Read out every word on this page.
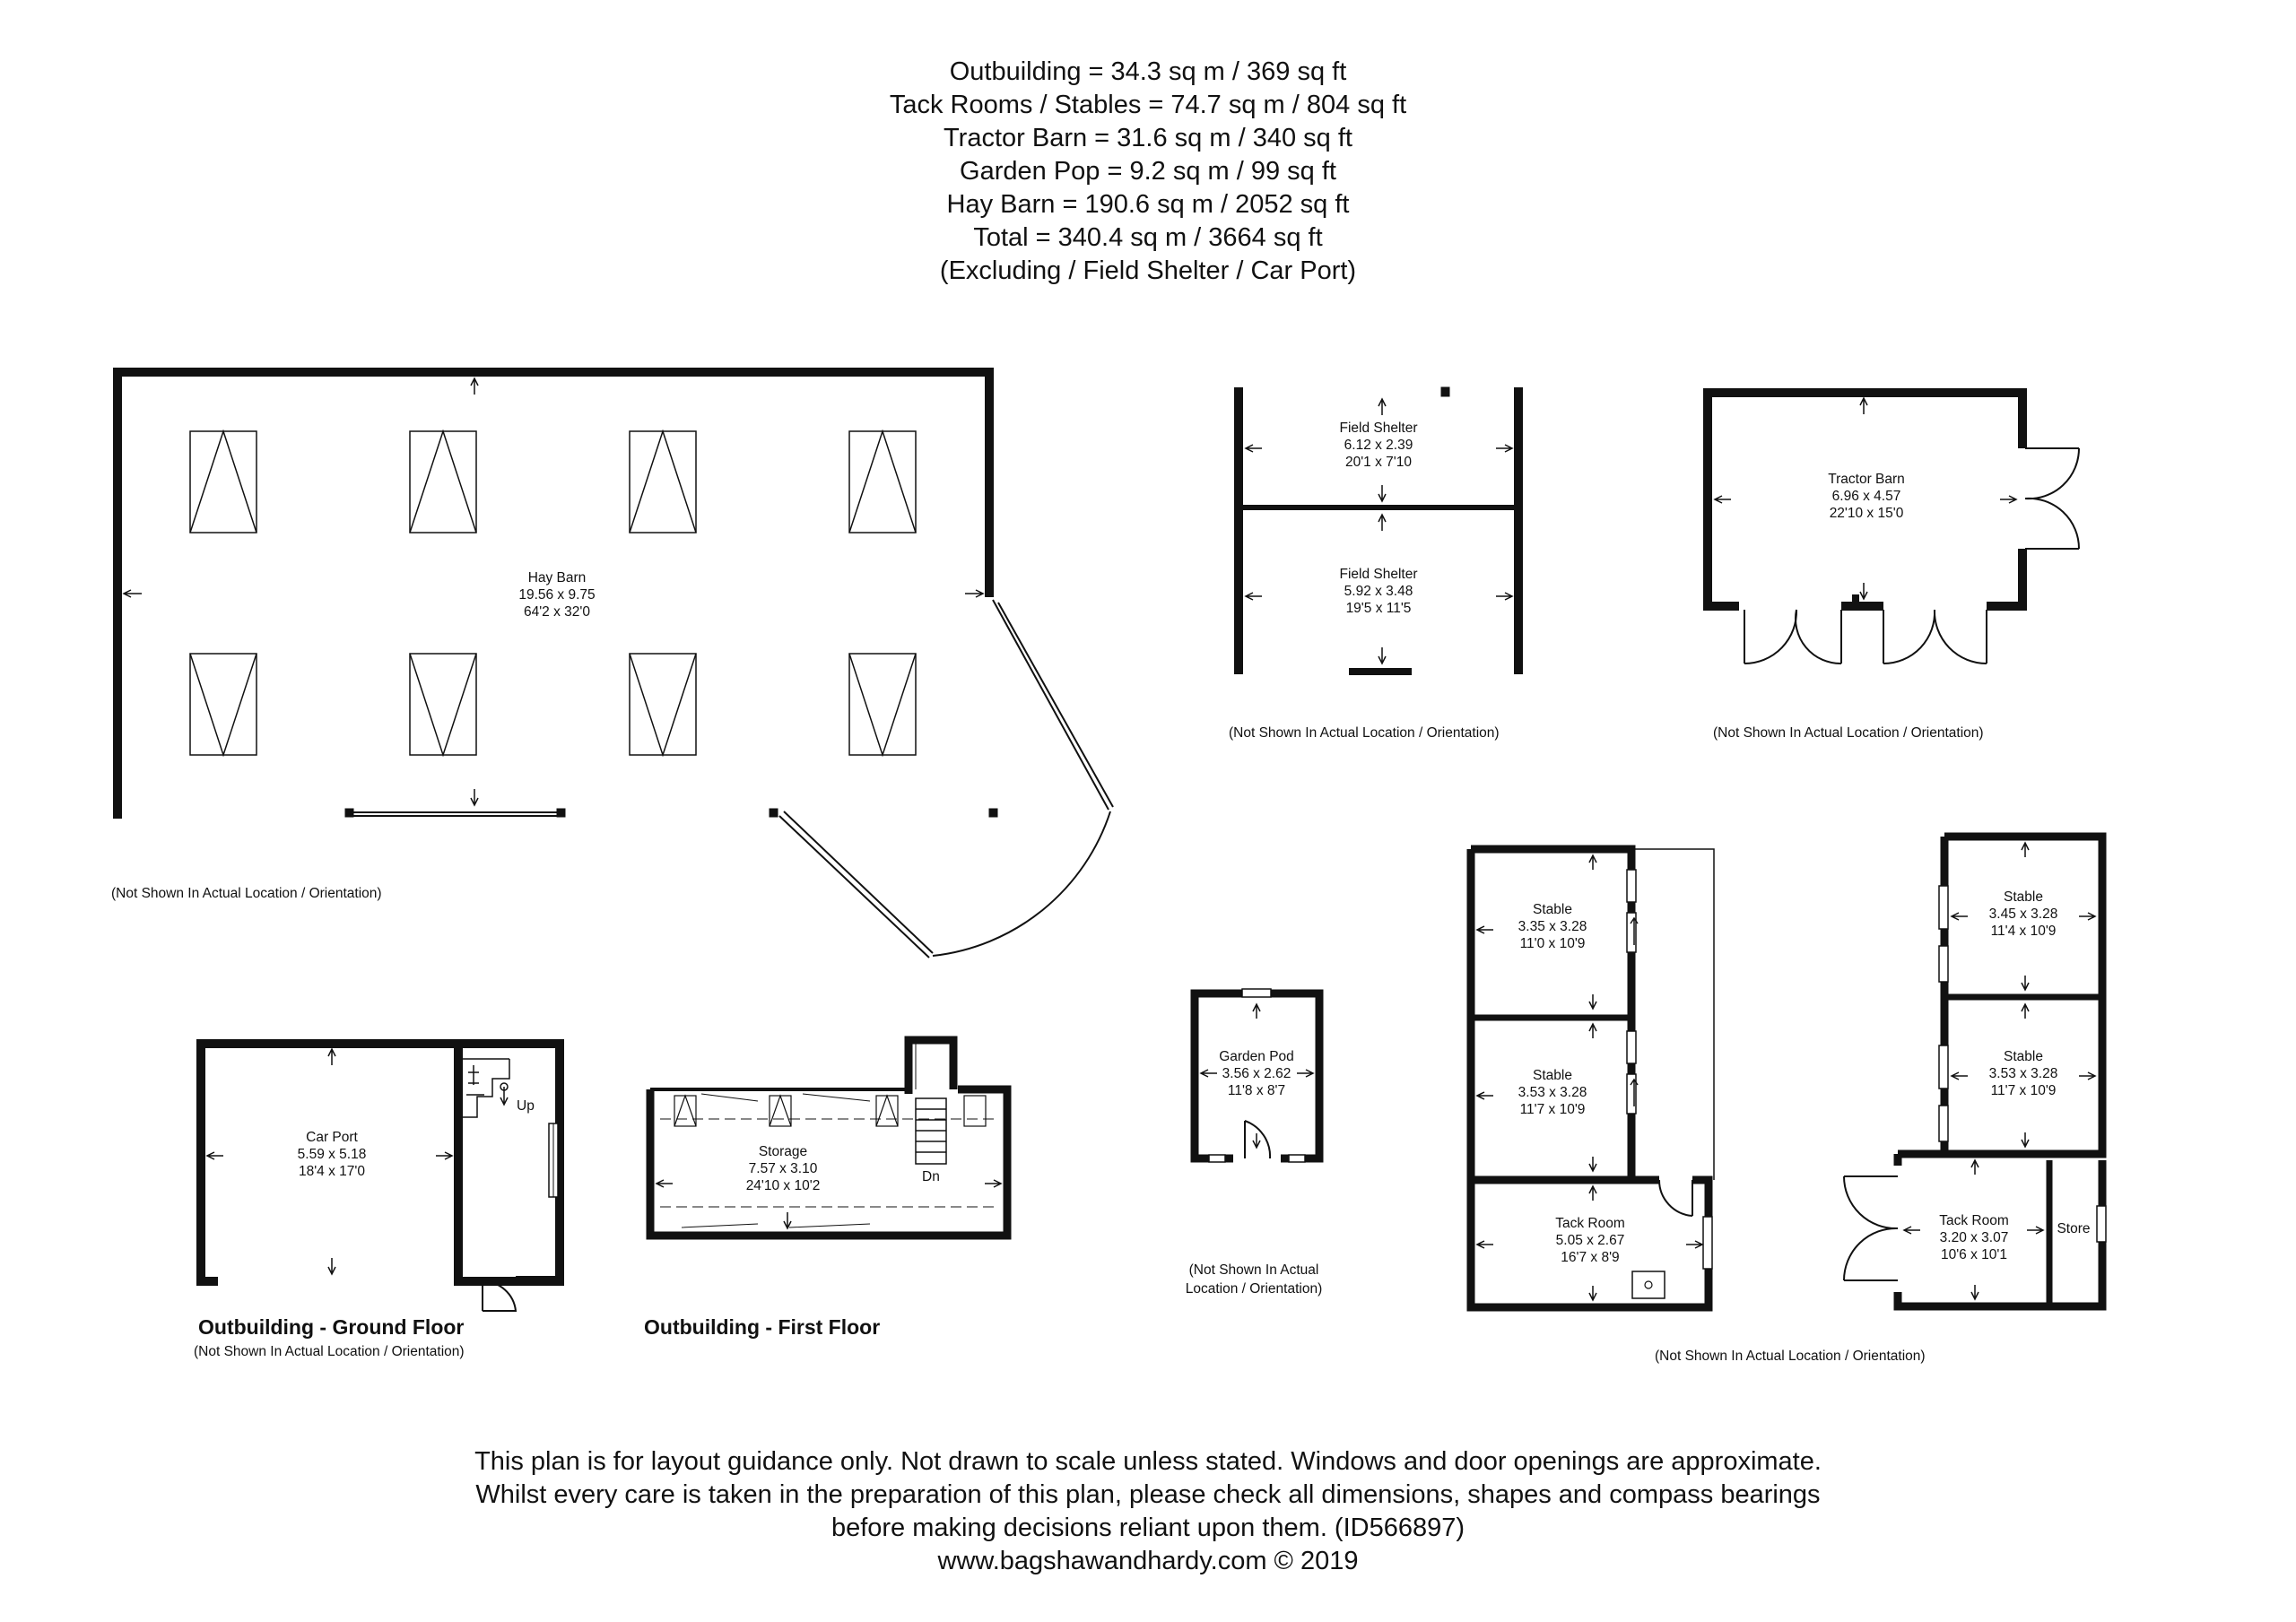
Outbuilding = 34.3 sq m / 369 sq ft

Tack Rooms / Stables = 74.7 sq m / 804 sq ft

Tractor Barn = 31.6 sq m / 340 sq ft

Garden Pop = 9.2 sq m / 99 sq ft

Hay Barn = 190.6 sq m / 2052 sq ft

Total = 340.4 sq m / 3664 sq ft

(Excluding / Field Shelter / Car Port)

Hay Barn
19.56 x 9.75
64'2 x 32'0
(Not Shown In Actual Location / Orientation)
Field Shelter
6.12 x 2.39
20'1 x 7'10
Field Shelter
5.92 x 3.48
19'5 x 11'5
(Not Shown In Actual Location / Orientation)
Tractor Barn
6.96 x 4.57
22'10 x 15'0
(Not Shown In Actual Location / Orientation)
Car Port
5.59 x 5.18
18'4 x 17'0
Up
Outbuilding - Ground Floor
(Not Shown In Actual Location / Orientation)
Storage
7.57 x 3.10
24'10 x 10'2
Dn
Outbuilding - First Floor
Garden Pod
3.56 x 2.62
11'8 x 8'7
(Not Shown In Actual
Location / Orientation)
Stable
3.35 x 3.28
11'0 x 10'9
Stable
3.53 x 3.28
11'7 x 10'9
Tack Room
5.05 x 2.67
16'7 x 8'9
Stable
3.45 x 3.28
11'4 x 10'9
Stable
3.53 x 3.28
11'7 x 10'9
Tack Room
3.20 x 3.07
10'6 x 10'1
Store
(Not Shown In Actual Location / Orientation)

This plan is for layout guidance only. Not drawn to scale unless stated. Windows and door openings are approximate.

Whilst every care is taken in the preparation of this plan, please check all dimensions, shapes and compass bearings

before making decisions reliant upon them. (ID566897)

www.bagshawandhardy.com © 2019
